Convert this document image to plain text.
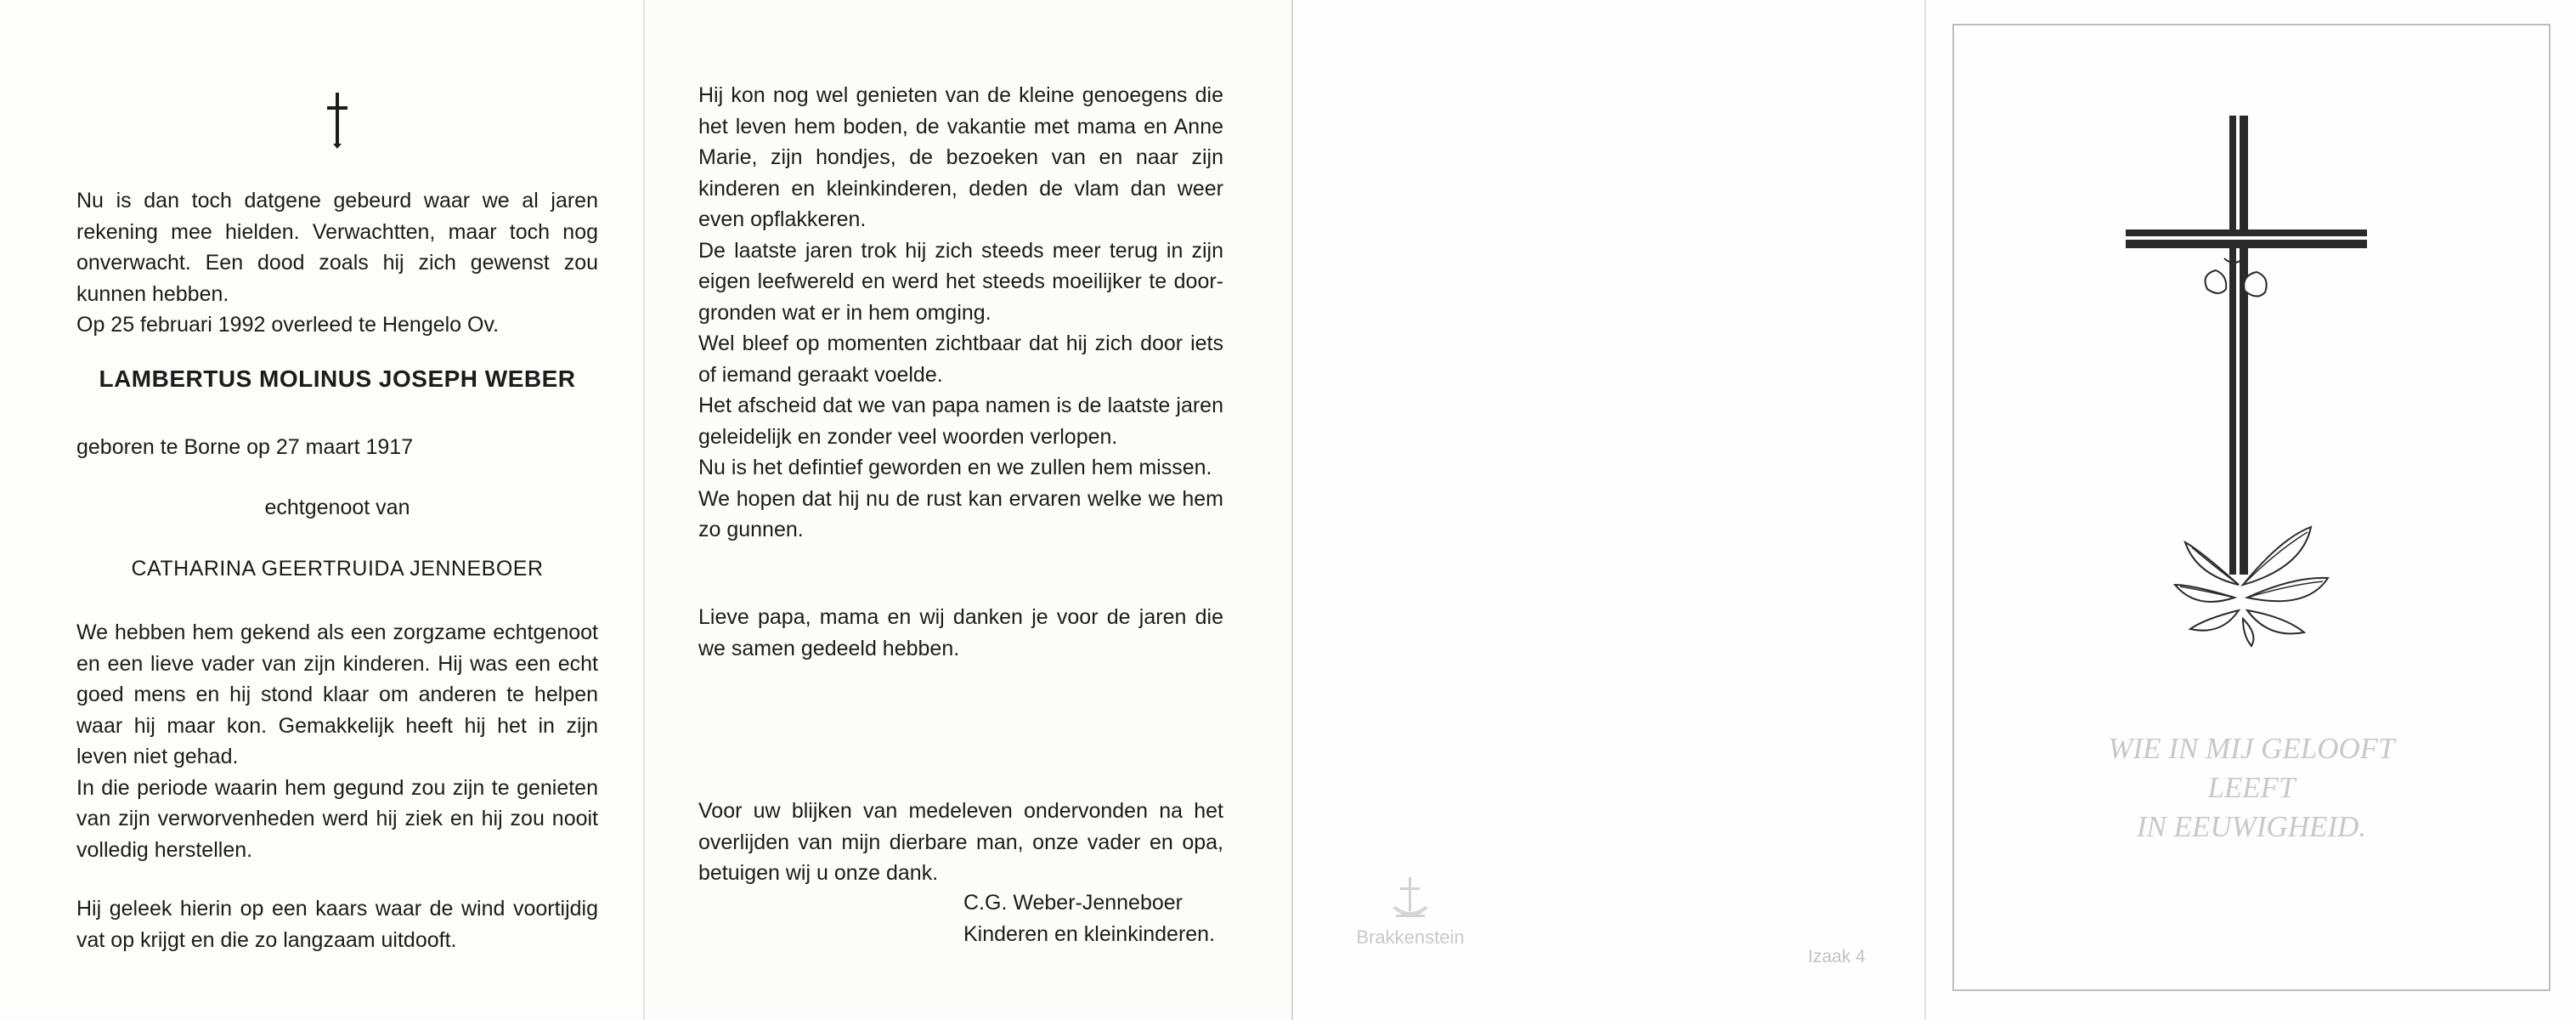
Nu is dan toch datgene gebeurd waar we al jaren rekening mee hielden. Verwachtten, maar toch nog onverwacht. Een dood zoals hij zich gewenst zou kunnen hebben.

Op 25 februari 1992 overleed te Hengelo Ov.

LAMBERTUS MOLINUS JOSEPH WEBER
geboren te Borne op 27 maart 1917
echtgenoot van
CATHARINA GEERTRUIDA JENNEBOER

We hebben hem gekend als een zorgzame echtgenoot en een lieve vader van zijn kinderen. Hij was een echt goed mens en hij stond klaar om anderen te helpen waar hij maar kon. Gemakkelijk heeft hij het in zijn leven niet gehad.

In die periode waarin hem gegund zou zijn te genieten van zijn verworvenheden werd hij ziek en hij zou nooit volledig herstellen.

Hij geleek hierin op een kaars waar de wind voortijdig vat op krijgt en die zo langzaam uitdooft.

Hij kon nog wel genieten van de kleine genoegens die het leven hem boden, de vakantie met mama en Anne Marie, zijn hondjes, de bezoeken van en naar zijn kinderen en kleinkinderen, deden de vlam dan weer even opflakkeren.

De laatste jaren trok hij zich steeds meer terug in zijn eigen leefwereld en werd het steeds moeilijker te doorgronden wat er in hem omging.

Wel bleef op momenten zichtbaar dat hij zich door iets of iemand geraakt voelde.

Het afscheid dat we van papa namen is de laatste jaren geleidelijk en zonder veel woorden verlopen.

Nu is het defintief geworden en we zullen hem missen.

We hopen dat hij nu de rust kan ervaren welke we hem zo gunnen.

Lieve papa, mama en wij danken je voor de jaren die we samen gedeeld hebben.
Voor uw blijken van medeleven ondervonden na het overlijden van mijn dierbare man, onze vader en opa, betuigen wij u onze dank.

C.G. Weber-Jenneboer

Kinderen en kleinkinderen.	Brakkenstein
Izaak 4
WIE IN MIJ GELOOFT
LEEFT
IN EEUWIGHEID.
